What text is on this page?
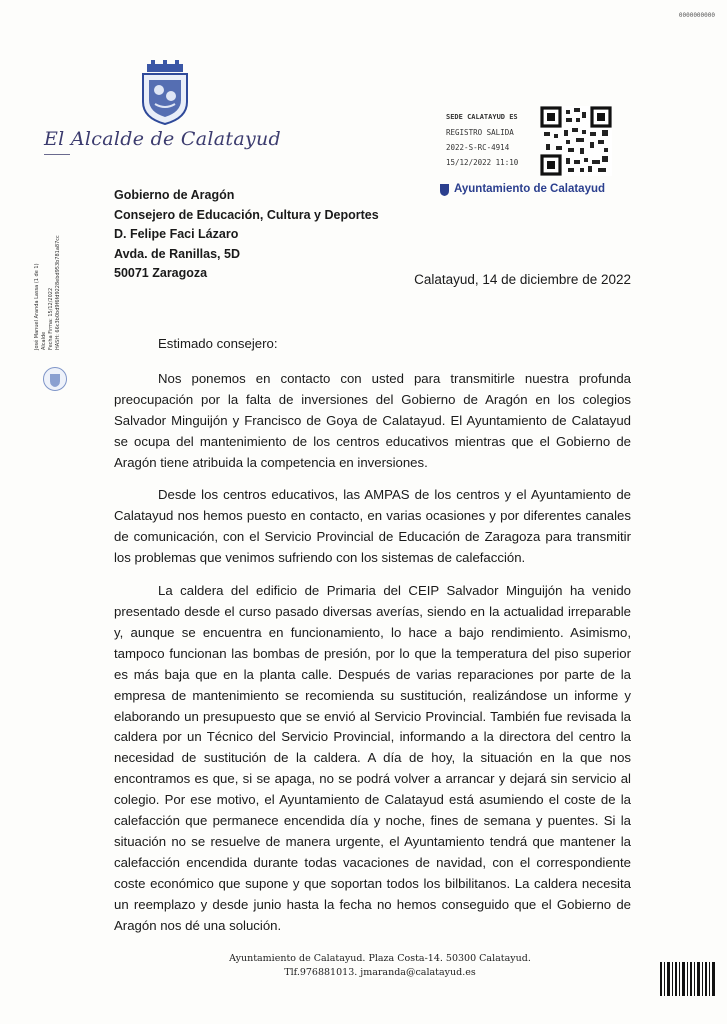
0000000000
El Alcalde de Calatayud
SEDE CALATAYUD ES
REGISTRO SALIDA
2022-S-RC-4914
15/12/2022 11:10
Ayuntamiento de Calatayud
José Manuel Aranda Lassa (1 de 1) Alcalde Fecha Firma: 15/12/2022 HASH: 66c3b0bd9f6fd9228ebd953b781a87cc
Gobierno de Aragón
Consejero de Educación, Cultura y Deportes
D. Felipe Faci Lázaro
Avda. de Ranillas, 5D
50071 Zaragoza	Calatayud, 14 de diciembre de 2022
Estimado consejero:

Nos ponemos en contacto con usted para transmitirle nuestra profunda preocupación por la falta de inversiones del Gobierno de Aragón en los colegios Salvador Minguijón y Francisco de Goya de Calatayud. El Ayuntamiento de Calatayud se ocupa del mantenimiento de los centros educativos mientras que el Gobierno de Aragón tiene atribuida la competencia en inversiones.

Desde los centros educativos, las AMPAS de los centros y el Ayuntamiento de Calatayud nos hemos puesto en contacto, en varias ocasiones y por diferentes canales de comunicación, con el Servicio Provincial de Educación de Zaragoza para transmitir los problemas que venimos sufriendo con los sistemas de calefacción.

La caldera del edificio de Primaria del CEIP Salvador Minguijón ha venido presentado desde el curso pasado diversas averías, siendo en la actualidad irreparable y, aunque se encuentra en funcionamiento, lo hace a bajo rendimiento. Asimismo, tampoco funcionan las bombas de presión, por lo que la temperatura del piso superior es más baja que en la planta calle. Después de varias reparaciones por parte de la empresa de mantenimiento se recomienda su sustitución, realizándose un informe y elaborando un presupuesto que se envió al Servicio Provincial. También fue revisada la caldera por un Técnico del Servicio Provincial, informando a la directora del centro la necesidad de sustitución de la caldera. A día de hoy, la situación en la que nos encontramos es que, si se apaga, no se podrá volver a arrancar y dejará sin servicio al colegio. Por ese motivo, el Ayuntamiento de Calatayud está asumiendo el coste de la calefacción que permanece encendida día y noche, fines de semana y puentes. Si la situación no se resuelve de manera urgente, el Ayuntamiento tendrá que mantener la calefacción encendida durante todas vacaciones de navidad, con el correspondiente coste económico que supone y que soportan todos los bilbilitanos. La caldera necesita un reemplazo y desde junio hasta la fecha no hemos conseguido que el Gobierno de Aragón nos dé una solución.

Ayuntamiento de Calatayud. Plaza Costa-14. 50300 Calatayud.
Tlf.976881013. jmaranda@calatayud.es
